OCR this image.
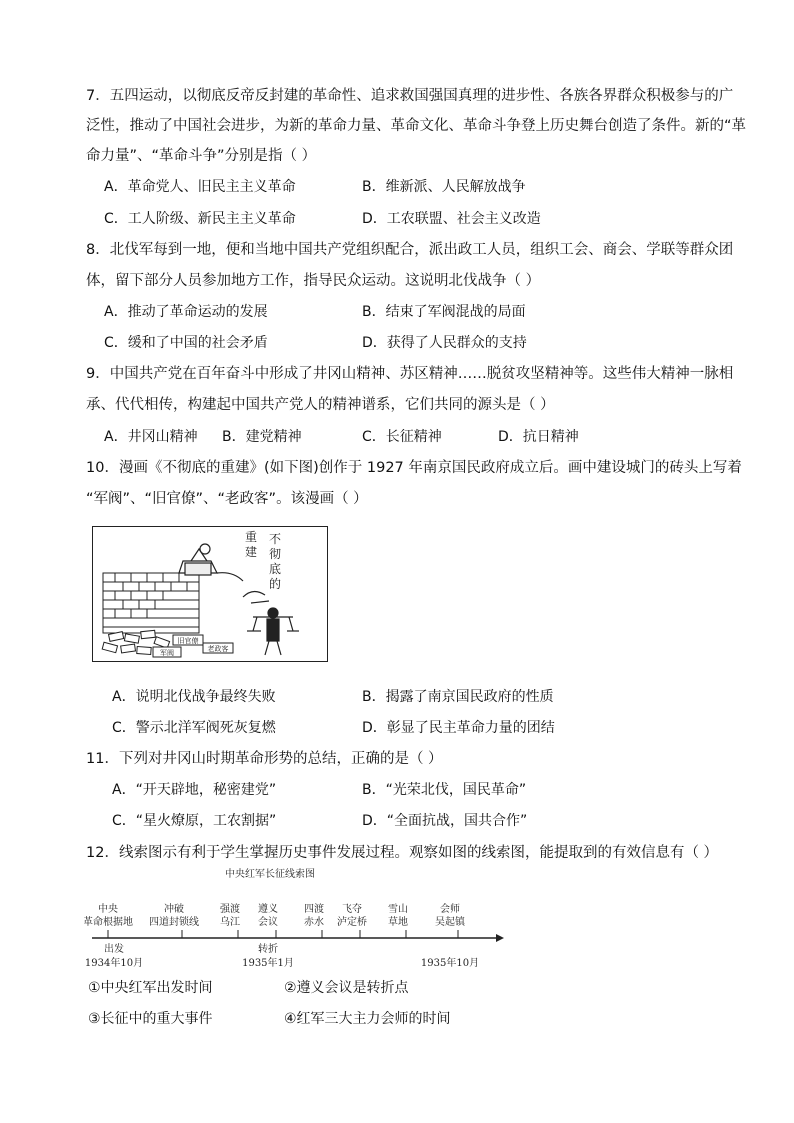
7．五四运动，以彻底反帝反封建的革命性、追求救国强国真理的进步性、各族各界群众积极参与的广
泛性，推动了中国社会进步，为新的革命力量、革命文化、革命斗争登上历史舞台创造了条件。新的“革
命力量”、“革命斗争”分别是指（ ）
A．革命党人、旧民主主义革命	B．维新派、人民解放战争
C．工人阶级、新民主主义革命	D．工农联盟、社会主义改造
8．北伐军每到一地，便和当地中国共产党组织配合，派出政工人员，组织工会、商会、学联等群众团
体，留下部分人员参加地方工作，指导民众运动。这说明北伐战争（ ）
A．推动了革命运动的发展	B．结束了军阀混战的局面
C．缓和了中国的社会矛盾	D．获得了人民群众的支持
9．中国共产党在百年奋斗中形成了井冈山精神、苏区精神……脱贫攻坚精神等。这些伟大精神一脉相
承、代代相传，构建起中国共产党人的精神谱系，它们共同的源头是（ ）
A．井冈山精神 B．建党精神	C．长征精神	D．抗日精神
10．漫画《不彻底的重建》(如下图)创作于 1927 年南京国民政府成立后。画中建设城门的砖头上写着
“军阀”、“旧官僚”、“老政客”。该漫画（ ）
军阀
旧官僚
老政客
不
彻
底
的
重
建
A．说明北伐战争最终失败	B．揭露了南京国民政府的性质
C．警示北洋军阀死灰复燃	D．彰显了民主革命力量的团结
11．下列对井冈山时期革命形势的总结，正确的是（ ）
A．“开天辟地，秘密建党”	B．“光荣北伐，国民革命”
C．“星火燎原，工农割据”	D．“全面抗战，国共合作”
12．线索图示有利于学生掌握历史事件发展过程。观察如图的线索图，能提取到的有效信息有（ ）
中央红军长征线索图
中央
革命根据地
冲破
四道封锁线
强渡
乌江
遵义
会议
四渡
赤水
飞夺
泸定桥
雪山
草地
会师
吴起镇
出发
1934年10月
转折
1935年1月	1935年10月
①中央红军出发时间	②遵义会议是转折点
③长征中的重大事件	④红军三大主力会师的时间
